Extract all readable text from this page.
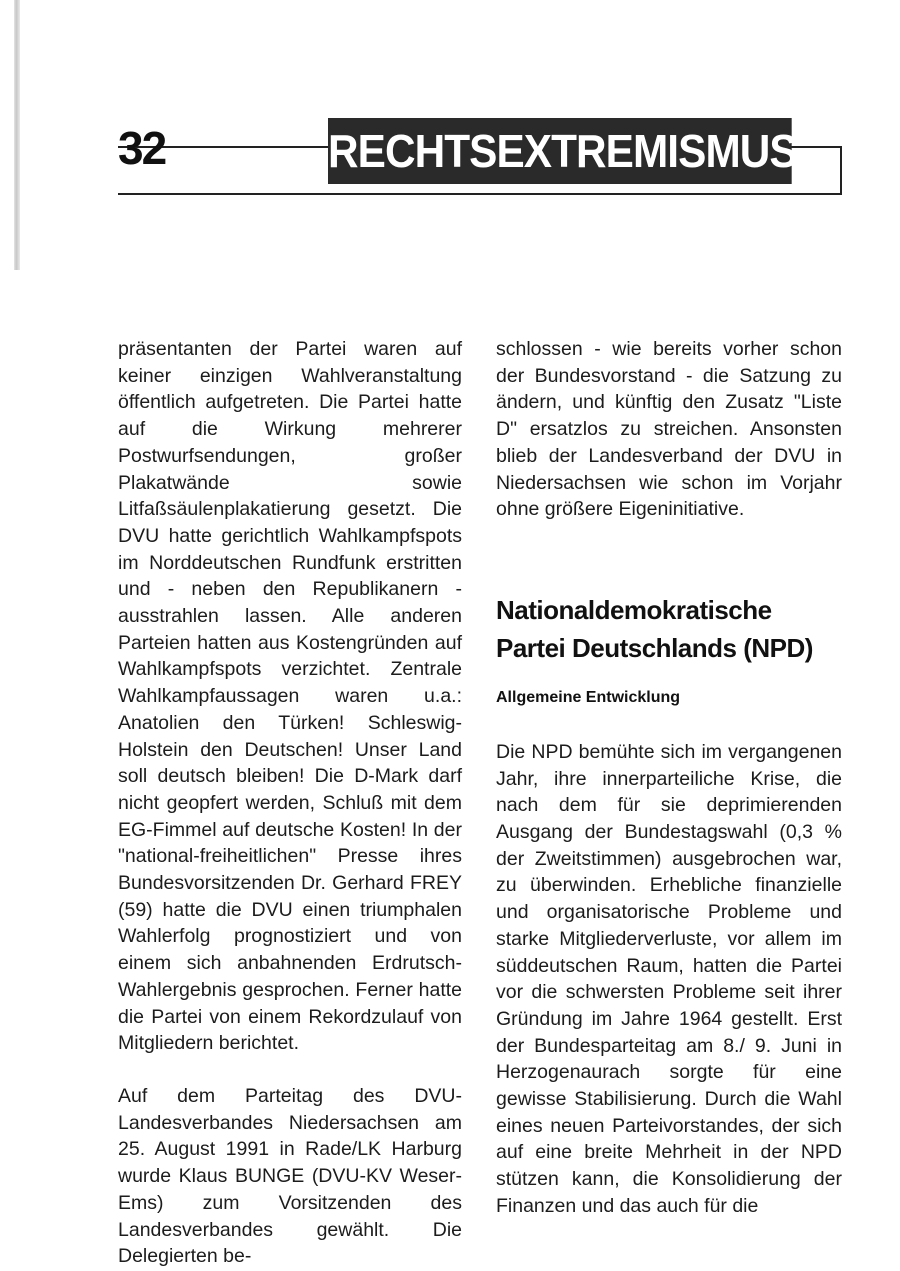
32	RECHTSEXTREMISMUS

präsentanten der Partei waren auf keiner einzigen Wahlveranstaltung öffentlich aufgetreten. Die Partei hatte auf die Wirkung mehrerer Postwurfsendungen, großer Plakatwände sowie Litfaßsäulenplakatierung gesetzt. Die DVU hatte gerichtlich Wahlkampfspots im Norddeutschen Rundfunk erstritten und - neben den Republikanern -ausstrahlen lassen. Alle anderen Parteien hatten aus Kostengründen auf Wahlkampfspots verzichtet. Zentrale Wahlkampfaussagen waren u.a.: Anatolien den Türken! Schleswig-Holstein den Deutschen! Unser Land soll deutsch bleiben! Die D-Mark darf nicht geopfert werden, Schluß mit dem EG-Fimmel auf deutsche Kosten! In der "national-freiheitlichen" Presse ihres Bundesvorsitzenden Dr. Gerhard FREY (59) hatte die DVU einen triumphalen Wahlerfolg prognostiziert und von einem sich anbahnenden Erdrutsch-Wahlergebnis gesprochen. Ferner hatte die Partei von einem Rekordzulauf von Mitgliedern berichtet.

Auf dem Parteitag des DVU-Landesverbandes Niedersachsen am 25. August 1991 in Rade/LK Harburg wurde Klaus BUNGE (DVU-KV Weser-Ems) zum Vorsitzenden des Landesverbandes gewählt. Die Delegierten be-

schlossen - wie bereits vorher schon der Bundesvorstand - die Satzung zu ändern, und künftig den Zusatz "Liste D" ersatzlos zu streichen. Ansonsten blieb der Landesverband der DVU in Niedersachsen wie schon im Vorjahr ohne größere Eigeninitiative.

Nationaldemokratische Partei Deutschlands (NPD)
Allgemeine Entwicklung

Die NPD bemühte sich im vergangenen Jahr, ihre innerparteiliche Krise, die nach dem für sie deprimierenden Ausgang der Bundestagswahl (0,3 % der Zweitstimmen) ausgebrochen war, zu überwinden. Erhebliche finanzielle und organisatorische Probleme und starke Mitgliederverluste, vor allem im süddeutschen Raum, hatten die Partei vor die schwersten Probleme seit ihrer Gründung im Jahre 1964 gestellt. Erst der Bundesparteitag am 8./ 9. Juni in Herzogenaurach sorgte für eine gewisse Stabilisierung. Durch die Wahl eines neuen Parteivorstandes, der sich auf eine breite Mehrheit in der NPD stützen kann, die Konsolidierung der Finanzen und das auch für die
